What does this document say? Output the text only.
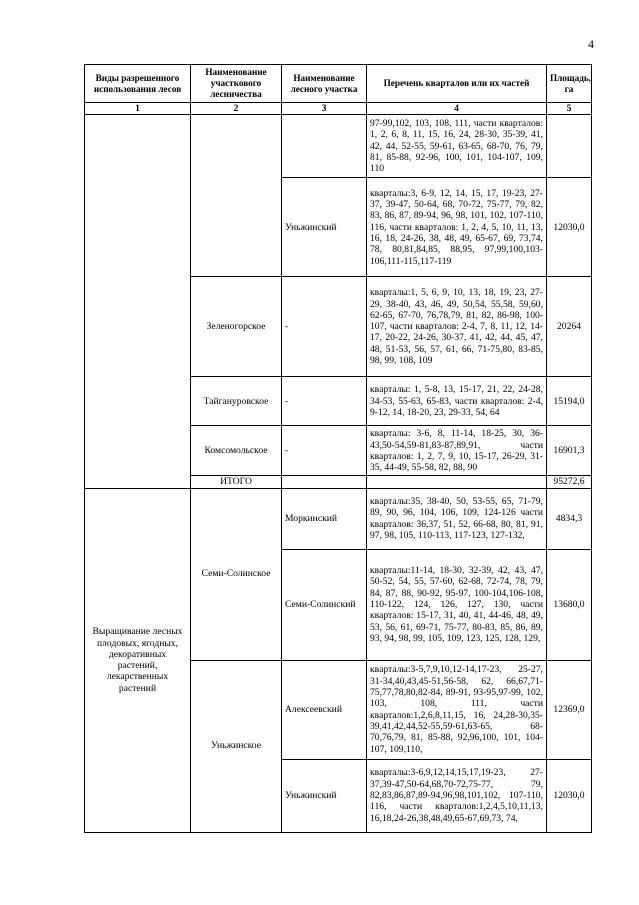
4
Виды разрешенного использования лесов	Наименование участкового лесничества	Наименование лесного участка	Перечень кварталов или их частей	Площадь, га
1	2	3	4	5
			97-99,102, 103, 108, 111, части кварталов: 1, 2, 6, 8, 11, 15, 16, 24, 28-30, 35-39, 41, 42, 44, 52-55, 59-61, 63-65, 68-70, 76, 79, 81, 85-88, 92-96, 100, 101, 104-107, 109, 110	
		Уньжинский	кварталы:3, 6-9, 12, 14, 15, 17, 19-23, 27-37, 39-47, 50-64, 68, 70-72, 75-77, 79, 82, 83, 86, 87, 89-94, 96, 98, 101, 102, 107-110, 116, части кварталов: 1, 2, 4, 5, 10, 11, 13, 16, 18, 24-26, 38, 48, 49, 65-67, 69, 73,74, 78, 80,81,84,85, 88,95, 97,99,100,103-106,111-115,117-119	12030,0
	Зеленогорское	-	кварталы:1, 5, 6, 9, 10, 13, 18, 19, 23, 27-29, 38-40, 43, 46, 49, 50,54, 55,58, 59,60, 62-65, 67-70, 76,78,79, 81, 82, 86-98, 100-107, части кварталов: 2-4, 7, 8, 11, 12, 14-17, 20-22, 24-26, 30-37, 41, 42, 44, 45, 47, 48, 51-53, 56, 57, 61, 66, 71-75,80, 83-85, 98, 99, 108, 109	20264
	Тайгануровское	-	кварталы: 1, 5-8, 13, 15-17, 21, 22, 24-28, 34-53, 55-63, 65-83, части кварталов: 2-4, 9-12, 14, 18-20, 23, 29-33, 54, 64	15194,0
	Комсомольское	-	кварталы: 3-6, 8, 11-14, 18-25, 30, 36-43,50-54,59-81,83-87,89,91, части кварталов: 1, 2, 7, 9, 10, 15-17, 26-29, 31-35, 44-49, 55-58, 82, 88, 90	16901,3
	ИТОГО			95272,6
Выращивание лесных плодовых, ягодных, декоративных растений, лекарственных растений	Семи-Солинское	Моркинский	кварталы:35, 38-40, 50, 53-55, 65, 71-79, 89, 90, 96, 104, 106, 109, 124-126 части кварталов: 36,37, 51, 52, 66-68, 80, 81, 91, 97, 98, 105, 110-113, 117-123, 127-132,	4834,3
		Семи-Солинский	кварталы:11-14, 18-30, 32-39, 42, 43, 47, 50-52, 54, 55, 57-60, 62-68, 72-74, 78, 79, 84, 87, 88, 90-92, 95-97, 100-104,106-108, 110-122, 124, 126, 127, 130, части кварталов: 15-17, 31, 40, 41, 44-46, 48, 49, 53, 56, 61, 69-71, 75-77, 80-83, 85, 86, 89, 93, 94, 98, 99, 105, 109, 123, 125, 128, 129,	13680,0
	Уньжинское	Алексеевский	кварталы:3-5,7,9,10,12-14,17-23, 25-27, 31-34,40,43,45-51,56-58, 62, 66,67,71-75,77,78,80,82-84, 89-91, 93-95,97-99, 102, 103, 108, 111, части кварталов:1,2,6,8,11,15, 16, 24,28-30,35-39,41,42,44,52-55,59-61,63-65, 68-70,76,79, 81, 85-88, 92,96,100, 101, 104-107, 109,110,	12369,0
		Уньжинский	кварталы:3-6,9,12,14,15,17,19-23, 27-37,39-47,50-64,68,70-72,75-77, 79, 82,83,86,87,89-94,96,98,101,102, 107-110, 116, части кварталов:1,2,4,5,10,11,13, 16,18,24-26,38,48,49,65-67,69,73, 74,	12030,0
